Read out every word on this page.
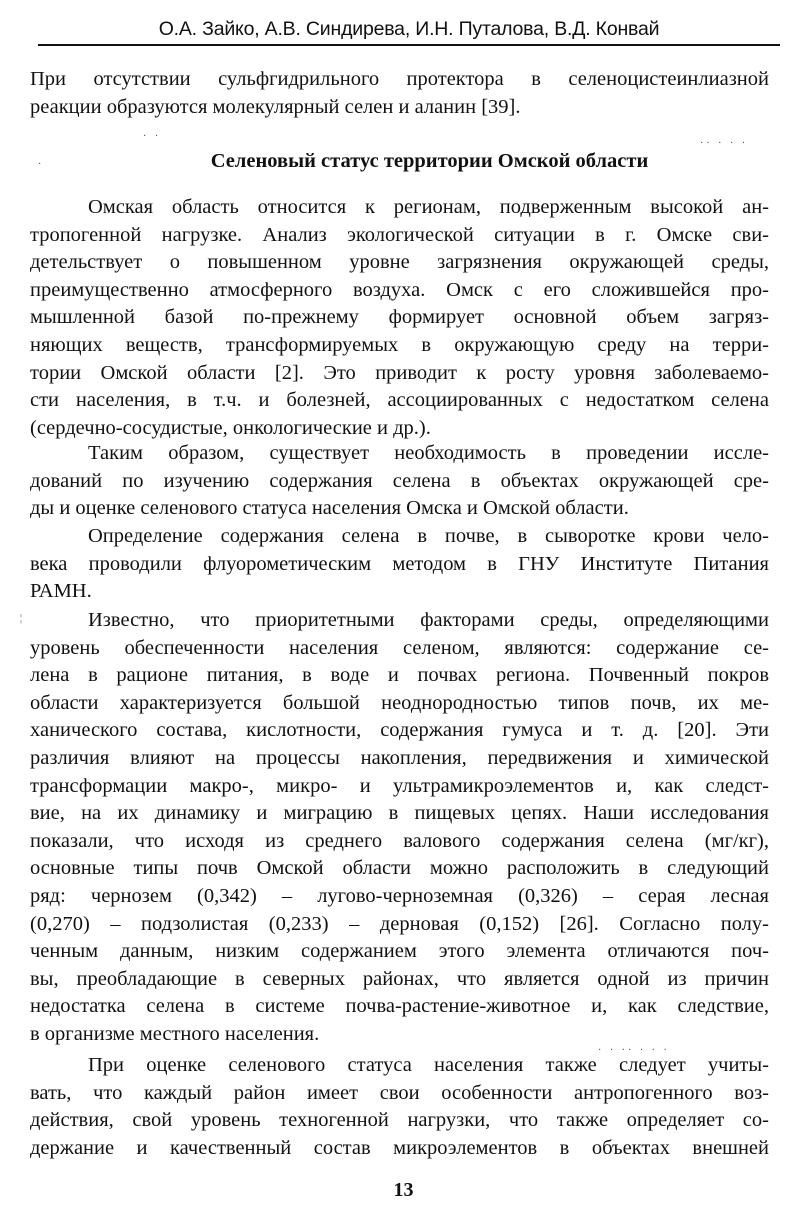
О.А. Зайко, А.В. Синдирева, И.Н. Путалова, В.Д. Конвай
При отсутствии сульфгидрильного протектора в селеноцистеинлиазной
реакции образуются молекулярный селен и аланин [39].
· ·
·· · · ·
·	Селеновый статус территории Омской области
Омская область относится к регионам, подверженным высокой ан-
тропогенной нагрузке. Анализ экологической ситуации в г. Омске сви-
детельствует о повышенном уровне загрязнения окружающей среды,
преимущественно атмосферного воздуха. Омск с его сложившейся про-
мышленной базой по-прежнему формирует основной объем загряз-
няющих веществ, трансформируемых в окружающую среду на терри-
тории Омской области [2]. Это приводит к росту уровня заболеваемо-
сти населения, в т.ч. и болезней, ассоциированных с недостатком селена
(сердечно-сосудистые, онкологические и др.).
Таким образом, существует необходимость в проведении иссле-
дований по изучению содержания селена в объектах окружающей сре-
ды и оценке селенового статуса населения Омска и Омской области.
Определение содержания селена в почве, в сыворотке крови чело-
века проводили флуорометическим методом в ГНУ Институте Питания
РАМН.
¦	Известно, что приоритетными факторами среды, определяющими
уровень обеспеченности населения селеном, являются: содержание се-
лена в рационе питания, в воде и почвах региона. Почвенный покров
области характеризуется большой неоднородностью типов почв, их ме-
ханического состава, кислотности, содержания гумуса и т. д. [20]. Эти
различия влияют на процессы накопления, передвижения и химической
трансформации макро-, микро- и ультрамикроэлементов и, как следст-
вие, на их динамику и миграцию в пищевых цепях. Наши исследования
показали, что исходя из среднего валового содержания селена (мг/кг),
основные типы почв Омской области можно расположить в следующий
ряд: чернозем (0,342) – лугово-черноземная (0,326) – серая лесная
(0,270) – подзолистая (0,233) – дерновая (0,152) [26]. Согласно полу-
ченным данным, низким содержанием этого элемента отличаются поч-
вы, преобладающие в северных районах, что является одной из причин
недостатка селена в системе почва-растение-животное и, как следствие,
в организме местного населения.
· · ·· · · ·
При оценке селенового статуса населения также следует учиты-
вать, что каждый район имеет свои особенности антропогенного воз-
действия, свой уровень техногенной нагрузки, что также определяет со-
держание и качественный состав микроэлементов в объектах внешней
13
